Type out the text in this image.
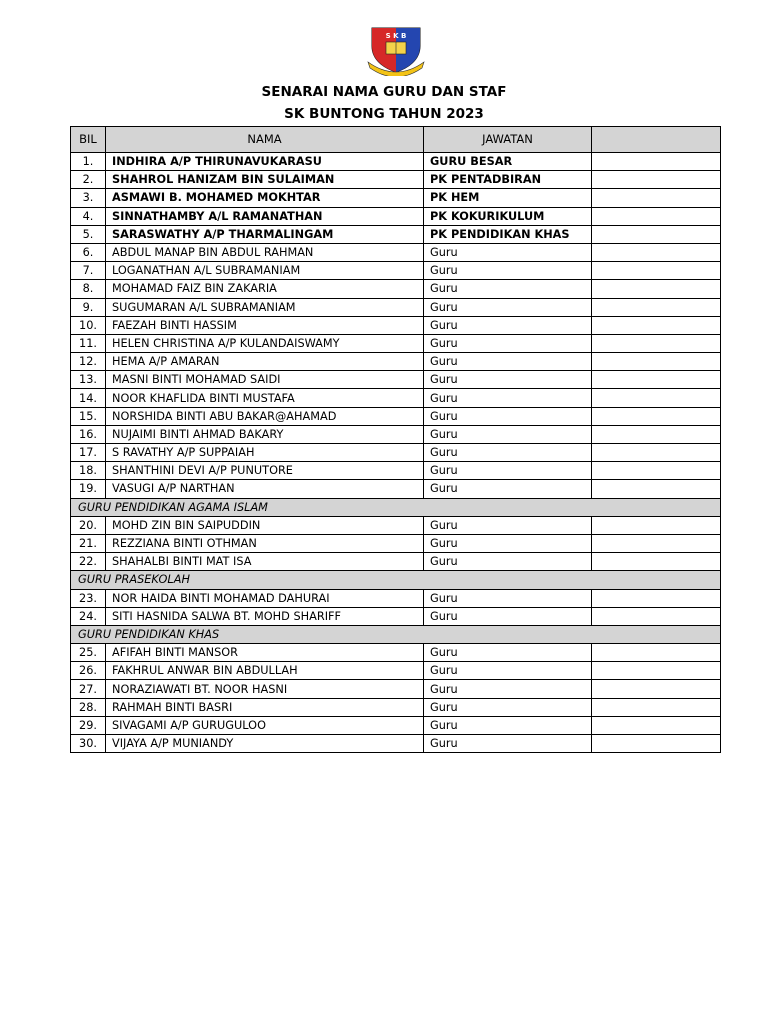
S K B
SENARAI NAMA GURU DAN STAF
SK BUNTONG TAHUN 2023
BIL	NAMA	JAWATAN	
1.	INDHIRA A/P THIRUNAVUKARASU	GURU BESAR	
2.	SHAHROL HANIZAM BIN SULAIMAN	PK PENTADBIRAN	
3.	ASMAWI B. MOHAMED MOKHTAR	PK HEM	
4.	SINNATHAMBY A/L RAMANATHAN	PK KOKURIKULUM	
5.	SARASWATHY A/P THARMALINGAM	PK PENDIDIKAN KHAS	
6.	ABDUL MANAP BIN ABDUL RAHMAN	Guru	
7.	LOGANATHAN A/L SUBRAMANIAM	Guru	
8.	MOHAMAD FAIZ BIN ZAKARIA	Guru	
9.	SUGUMARAN A/L SUBRAMANIAM	Guru	
10.	FAEZAH BINTI HASSIM	Guru	
11.	HELEN CHRISTINA A/P KULANDAISWAMY	Guru	
12.	HEMA A/P AMARAN	Guru	
13.	MASNI BINTI MOHAMAD SAIDI	Guru	
14.	NOOR KHAFLIDA BINTI MUSTAFA	Guru	
15.	NORSHIDA BINTI ABU BAKAR@AHAMAD	Guru	
16.	NUJAIMI BINTI AHMAD BAKARY	Guru	
17.	S RAVATHY A/P SUPPAIAH	Guru	
18.	SHANTHINI DEVI A/P PUNUTORE	Guru	
19.	VASUGI A/P NARTHAN	Guru	
GURU PENDIDIKAN AGAMA ISLAM			
20.	MOHD ZIN BIN SAIPUDDIN	Guru	
21.	REZZIANA BINTI OTHMAN	Guru	
22.	SHAHALBI BINTI MAT ISA	Guru	
GURU PRASEKOLAH			
23.	NOR HAIDA BINTI MOHAMAD DAHURAI	Guru	
24.	SITI HASNIDA SALWA BT. MOHD SHARIFF	Guru	
GURU PENDIDIKAN KHAS			
25.	AFIFAH BINTI MANSOR	Guru	
26.	FAKHRUL ANWAR BIN ABDULLAH	Guru	
27.	NORAZIAWATI BT. NOOR HASNI	Guru	
28.	RAHMAH BINTI BASRI	Guru	
29.	SIVAGAMI A/P GURUGULOO	Guru	
30.	VIJAYA A/P MUNIANDY	Guru	
